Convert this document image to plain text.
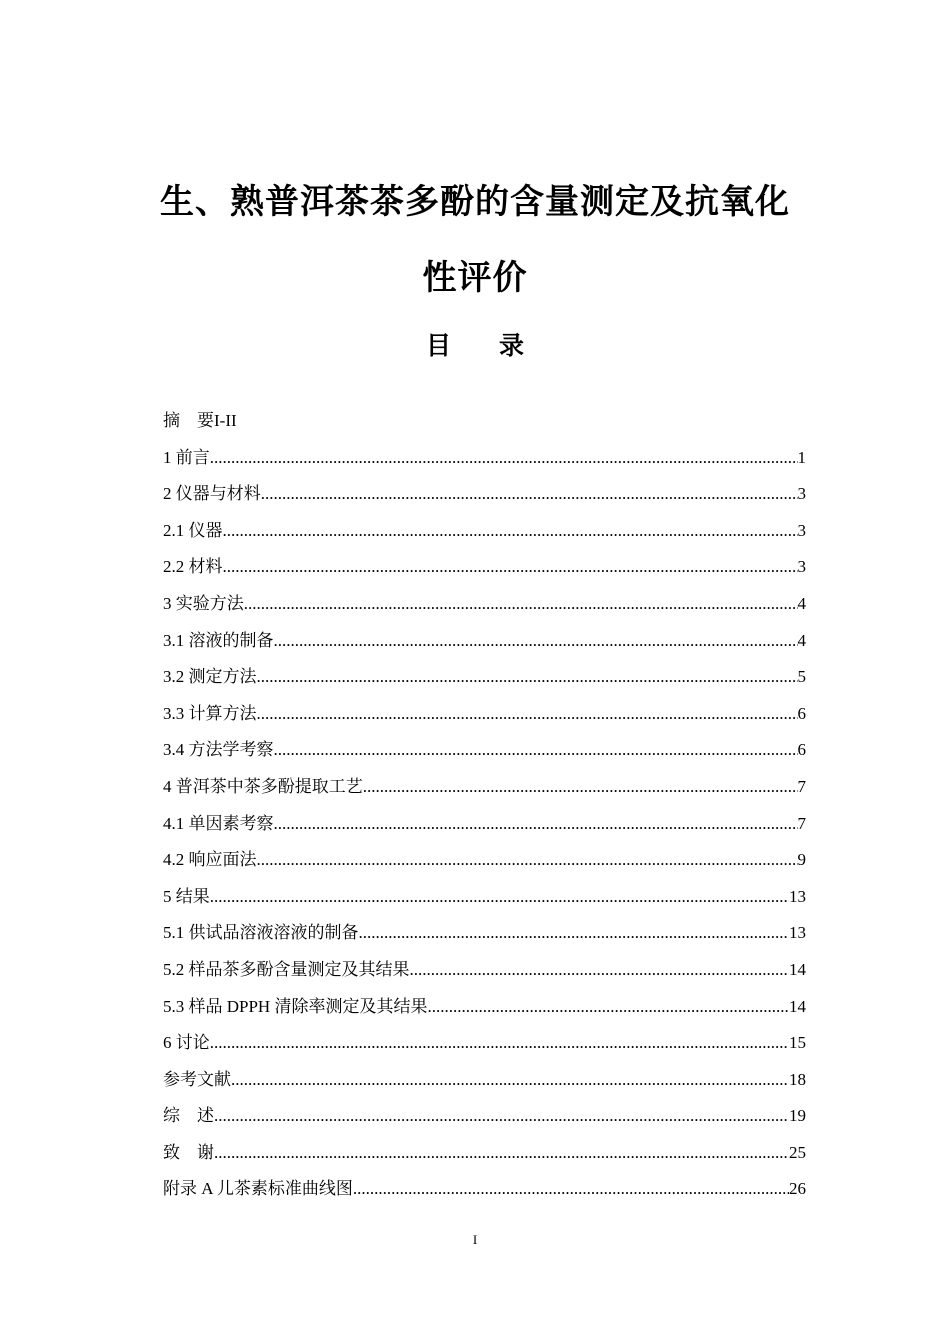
生、熟普洱茶茶多酚的含量测定及抗氧化
性评价
目录
摘　要I-II
1 前言 .....	1
2 仪器与材料 .....	3
2.1 仪器 .....	3
2.2 材料 .....	3
3 实验方法 .....	4
3.1 溶液的制备 .....	4
3.2 测定方法 .....	5
3.3 计算方法 .....	6
3.4 方法学考察 .....	6
4 普洱茶中茶多酚提取工艺 .....	7
4.1 单因素考察 .....	7
4.2 响应面法 .....	9
5 结果 .....	13
5.1 供试品溶液溶液的制备 .....	13
5.2 样品茶多酚含量测定及其结果 .....	14
5.3 样品 DPPH 清除率测定及其结果 .....	14
6 讨论 .....	15
参考文献 .....	18
综　述 .....	19
致　谢 .....	25
附录 A 儿茶素标准曲线图 .....	26
I
